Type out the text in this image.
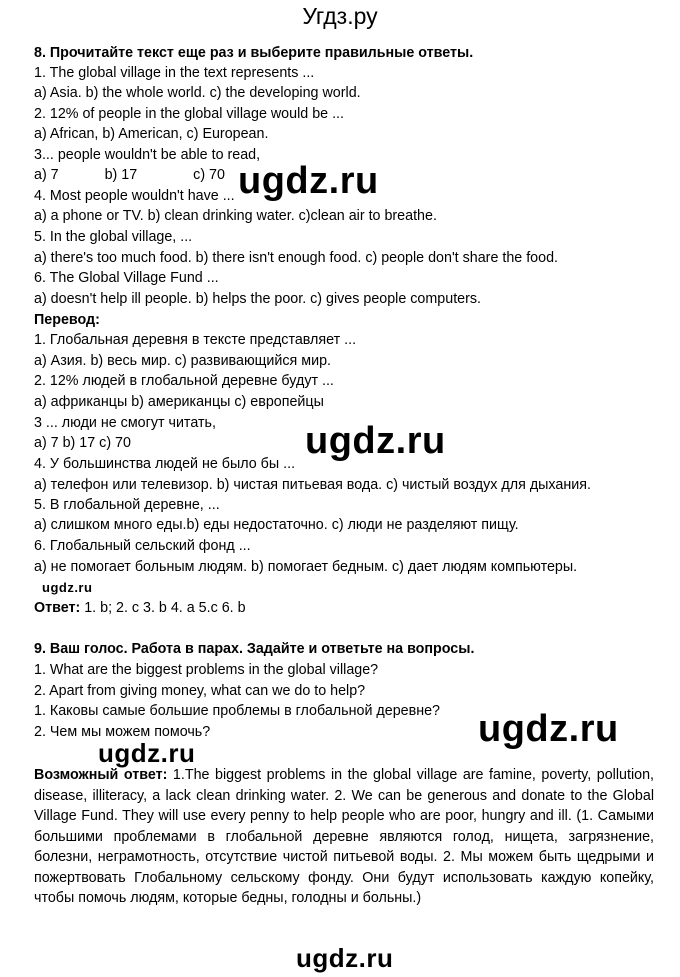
Угдз.ру
8. Прочитайте текст еще раз и выберите правильные ответы.
1. The global village in the text represents ...
a) Asia. b) the whole world. c) the developing world.
2. 12% of people in the global village would be ...
a) African, b) American, c) European.
3... people wouldn't be able to read,
a) 7	b) 17	c) 70
4. Most people wouldn't have ...
a) a phone or TV. b) clean drinking water. c)clean air to breathe.
5. In the global village, ...
a) there's too much food. b) there isn't enough food. c) people don't share the food.
6. The Global Village Fund ...
a) doesn't help ill people. b) helps the poor. c) gives people computers.
Перевод:
1. Глобальная деревня в тексте представляет ...
a) Азия. b) весь мир. c) развивающийся мир.
2. 12% людей в глобальной деревне будут ...
a) африканцы b) американцы c) европейцы
3 ... люди не смогут читать,
a) 7 b) 17 c) 70
4. У большинства людей не было бы ...
a) телефон или телевизор. b) чистая питьевая вода. c) чистый воздух для дыхания.
5. В глобальной деревне, ...
a) слишком много еды.b) еды недостаточно. c) люди не разделяют пищу.
6. Глобальный сельский фонд ...
a) не помогает больным людям. b) помогает бедным. c) дает людям компьютеры.
Ответ: 1. b; 2. c 3. b 4. a 5.c 6. b
9. Ваш голос. Работа в парах. Задайте и ответьте на вопросы.
1. What are the biggest problems in the global village?
2. Apart from giving money, what can we do to help?
1. Каковы самые большие проблемы в глобальной деревне?
2. Чем мы можем помочь?
Возможный ответ: 1.The biggest problems in the global village are famine, poverty, pollution, disease, illiteracy, a lack clean drinking water. 2. We can be generous and donate to the Global Village Fund. They will use every penny to help people who are poor, hungry and ill. (1. Самыми большими проблемами в глобальной деревне являются голод, нищета, загрязнение, болезни, неграмотность, отсутствие чистой питьевой воды. 2. Мы можем быть щедрыми и пожертвовать Глобальному сельскому фонду. Они будут использовать каждую копейку, чтобы помочь людям, которые бедны, голодны и больны.)
ugdz.ru
ugdz.ru
ugdz.ru
ugdz.ru
ugdz.ru
ugdz.ru
